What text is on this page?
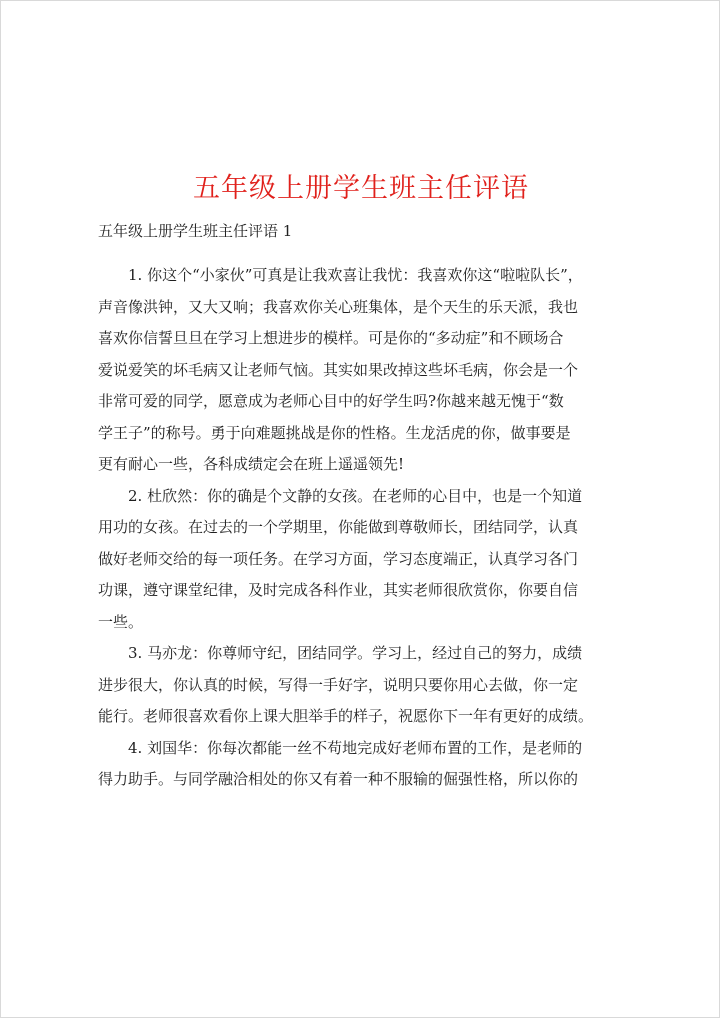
五年级上册学生班主任评语
五年级上册学生班主任评语 1

1. 你这个“小家伙”可真是让我欢喜让我忧：我喜欢你这“啦啦队长”，
声音像洪钟，又大又响；我喜欢你关心班集体，是个天生的乐天派，我也
喜欢你信誓旦旦在学习上想进步的模样。可是你的“多动症”和不顾场合
爱说爱笑的坏毛病又让老师气恼。其实如果改掉这些坏毛病，你会是一个
非常可爱的同学，愿意成为老师心目中的好学生吗?你越来越无愧于“数
学王子”的称号。勇于向难题挑战是你的性格。生龙活虎的你，做事要是
更有耐心一些，各科成绩定会在班上遥遥领先!

2. 杜欣然：你的确是个文静的女孩。在老师的心目中，也是一个知道
用功的女孩。在过去的一个学期里，你能做到尊敬师长，团结同学，认真
做好老师交给的每一项任务。在学习方面，学习态度端正，认真学习各门
功课，遵守课堂纪律，及时完成各科作业，其实老师很欣赏你，你要自信
一些。

3. 马亦龙：你尊师守纪，团结同学。学习上，经过自己的努力，成绩
进步很大，你认真的时候，写得一手好字，说明只要你用心去做，你一定
能行。老师很喜欢看你上课大胆举手的样子，祝愿你下一年有更好的成绩。

4. 刘国华：你每次都能一丝不苟地完成好老师布置的工作，是老师的
得力助手。与同学融洽相处的你又有着一种不服输的倔强性格，所以你的
